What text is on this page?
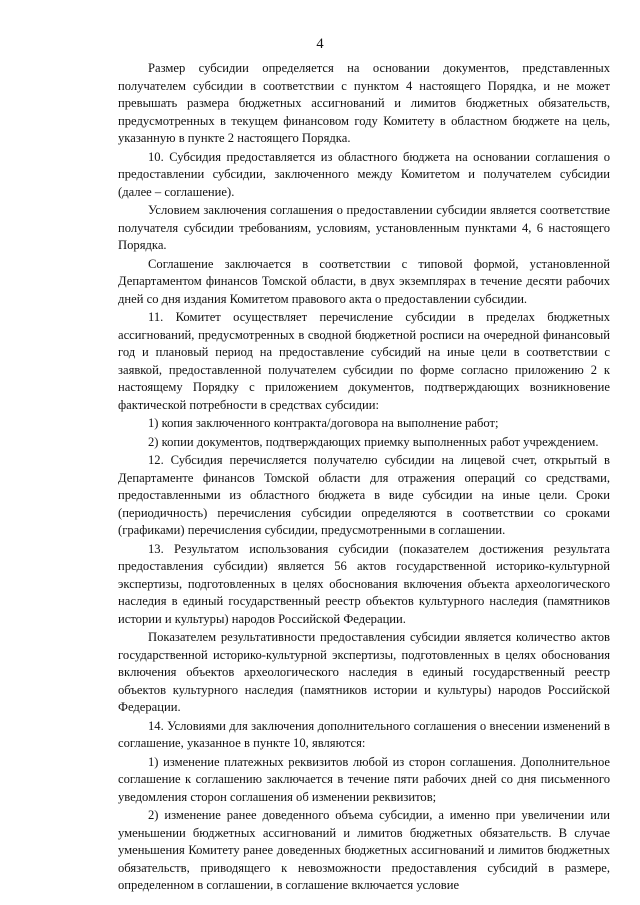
4

Размер субсидии определяется на основании документов, представленных получателем субсидии в соответствии с пунктом 4 настоящего Порядка, и не может превышать размера бюджетных ассигнований и лимитов бюджетных обязательств, предусмотренных в текущем финансовом году Комитету в областном бюджете на цель, указанную в пункте 2 настоящего Порядка.

10. Субсидия предоставляется из областного бюджета на основании соглашения о предоставлении субсидии, заключенного между Комитетом и получателем субсидии (далее – соглашение).

Условием заключения соглашения о предоставлении субсидии является соответствие получателя субсидии требованиям, условиям, установленным пунктами 4, 6 настоящего Порядка.

Соглашение заключается в соответствии с типовой формой, установленной Департаментом финансов Томской области, в двух экземплярах в течение десяти рабочих дней со дня издания Комитетом правового акта о предоставлении субсидии.

11. Комитет осуществляет перечисление субсидии в пределах бюджетных ассигнований, предусмотренных в сводной бюджетной росписи на очередной финансовый год и плановый период на предоставление субсидий на иные цели в соответствии с заявкой, предоставленной получателем субсидии по форме согласно приложению 2 к настоящему Порядку с приложением документов, подтверждающих возникновение фактической потребности в средствах субсидии:

1) копия заключенного контракта/договора на выполнение работ;

2) копии документов, подтверждающих приемку выполненных работ учреждением.

12. Субсидия перечисляется получателю субсидии на лицевой счет, открытый в Департаменте финансов Томской области для отражения операций со средствами, предоставленными из областного бюджета в виде субсидии на иные цели. Сроки (периодичность) перечисления субсидии определяются в соответствии со сроками (графиками) перечисления субсидии, предусмотренными в соглашении.

13. Результатом использования субсидии (показателем достижения результата предоставления субсидии) является 56 актов государственной историко-культурной экспертизы, подготовленных в целях обоснования включения объекта археологического наследия в единый государственный реестр объектов культурного наследия (памятников истории и культуры) народов Российской Федерации.

Показателем результативности предоставления субсидии является количество актов государственной историко-культурной экспертизы, подготовленных в целях обоснования включения объектов археологического наследия в единый государственный реестр объектов культурного наследия (памятников истории и культуры) народов Российской Федерации.

14. Условиями для заключения дополнительного соглашения о внесении изменений в соглашение, указанное в пункте 10, являются:

1) изменение платежных реквизитов любой из сторон соглашения. Дополнительное соглашение к соглашению заключается в течение пяти рабочих дней со дня письменного уведомления сторон соглашения об изменении реквизитов;

2) изменение ранее доведенного объема субсидии, а именно при увеличении или уменьшении бюджетных ассигнований и лимитов бюджетных обязательств. В случае уменьшения Комитету ранее доведенных бюджетных ассигнований и лимитов бюджетных обязательств, приводящего к невозможности предоставления субсидий в размере, определенном в соглашении, в соглашение включается условие
